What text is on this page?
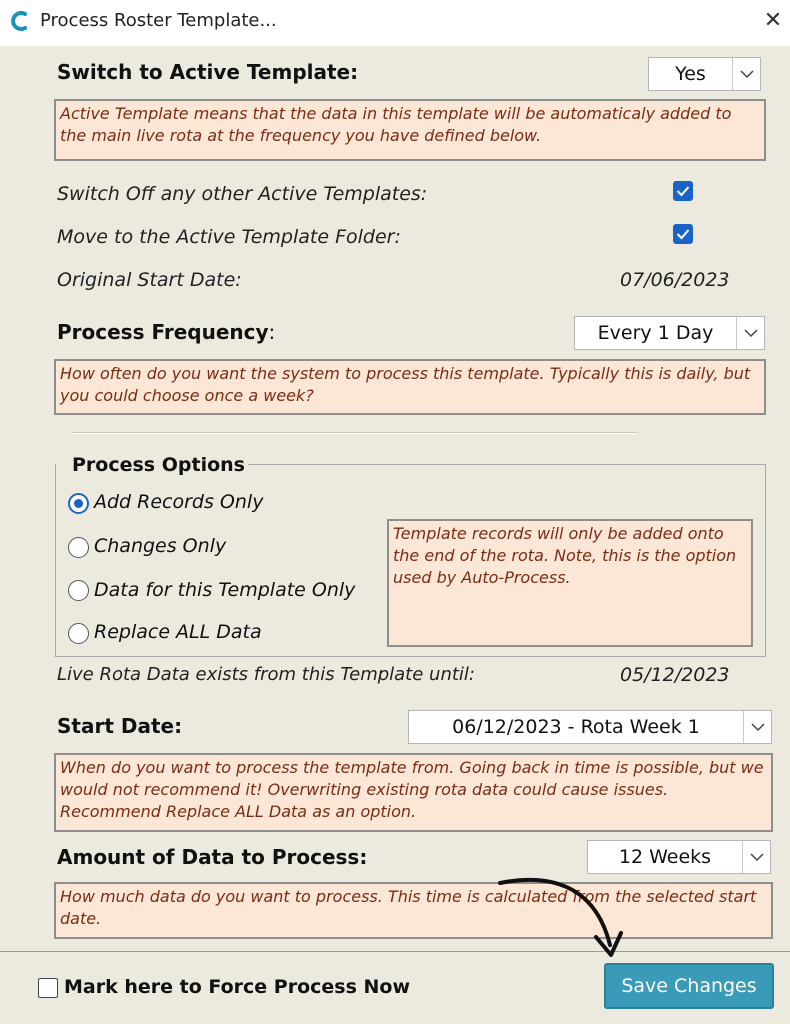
Process Roster Template...	✕
Switch to Active Template:	Yes
Active Template means that the data in this template will be automaticaly added to the main live rota at the frequency you have defined below.
Switch Off any other Active Templates:
Move to the Active Template Folder:
Original Start Date:	07/06/2023
Process Frequency:	Every 1 Day
How often do you want the system to process this template. Typically this is daily, but you could choose once a week?
Process Options
Add Records Only
Changes Only
Data for this Template Only
Replace ALL Data
Template records will only be added onto the end of the rota. Note, this is the option used by Auto-Process.
Live Rota Data exists from this Template until:	05/12/2023
Start Date:	06/12/2023 - Rota Week 1
When do you want to process the template from. Going back in time is possible, but we would not recommend it! Overwriting existing rota data could cause issues. Recommend Replace ALL Data as an option.
Amount of Data to Process:	12 Weeks
How much data do you want to process. This time is calculated from the selected start date.
Mark here to Force Process Now	Save Changes
